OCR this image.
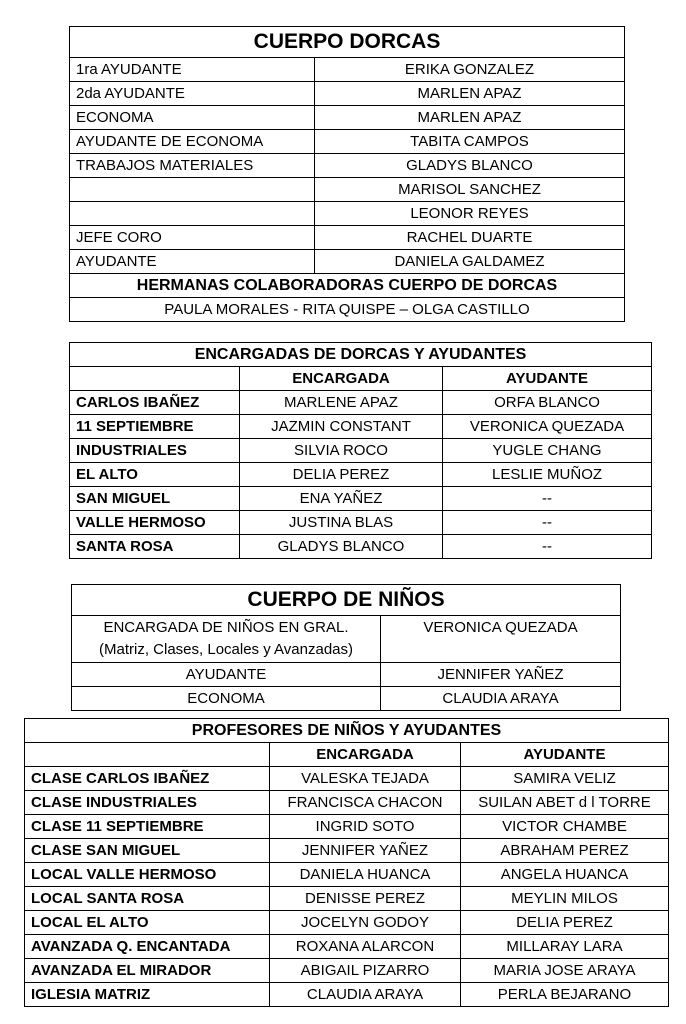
CUERPO DORCAS	
1ra AYUDANTE	ERIKA GONZALEZ
2da AYUDANTE	MARLEN APAZ
ECONOMA	MARLEN APAZ
AYUDANTE DE ECONOMA	TABITA CAMPOS
TRABAJOS MATERIALES	GLADYS BLANCO
	MARISOL SANCHEZ
	LEONOR REYES
JEFE CORO	RACHEL DUARTE
AYUDANTE	DANIELA GALDAMEZ
HERMANAS COLABORADORAS CUERPO DE DORCAS	
PAULA MORALES - RITA QUISPE – OLGA CASTILLO	
ENCARGADAS DE DORCAS Y AYUDANTES		
	ENCARGADA	AYUDANTE
CARLOS IBAÑEZ	MARLENE APAZ	ORFA BLANCO
11 SEPTIEMBRE	JAZMIN CONSTANT	VERONICA QUEZADA
INDUSTRIALES	SILVIA ROCO	YUGLE CHANG
EL ALTO	DELIA PEREZ	LESLIE MUÑOZ
SAN MIGUEL	ENA YAÑEZ	--
VALLE HERMOSO	JUSTINA BLAS	--
SANTA ROSA	GLADYS BLANCO	--
CUERPO DE NIÑOS	

ENCARGADA DE NIÑOS EN GRAL.
(Matriz, Clases, Locales y Avanzadas)	VERONICA QUEZADA
AYUDANTE	JENNIFER YAÑEZ
ECONOMA	CLAUDIA ARAYA
PROFESORES DE NIÑOS Y AYUDANTES		
	ENCARGADA	AYUDANTE
CLASE CARLOS IBAÑEZ	VALESKA TEJADA	SAMIRA VELIZ
CLASE INDUSTRIALES	FRANCISCA CHACON	SUILAN ABET d l TORRE
CLASE 11 SEPTIEMBRE	INGRID SOTO	VICTOR CHAMBE
CLASE SAN MIGUEL	JENNIFER YAÑEZ	ABRAHAM PEREZ
LOCAL VALLE HERMOSO	DANIELA HUANCA	ANGELA HUANCA
LOCAL SANTA ROSA	DENISSE PEREZ	MEYLIN MILOS
LOCAL EL ALTO	JOCELYN GODOY	DELIA PEREZ
AVANZADA Q. ENCANTADA	ROXANA ALARCON	MILLARAY LARA
AVANZADA EL MIRADOR	ABIGAIL PIZARRO	MARIA JOSE ARAYA
IGLESIA MATRIZ	CLAUDIA ARAYA	PERLA BEJARANO
